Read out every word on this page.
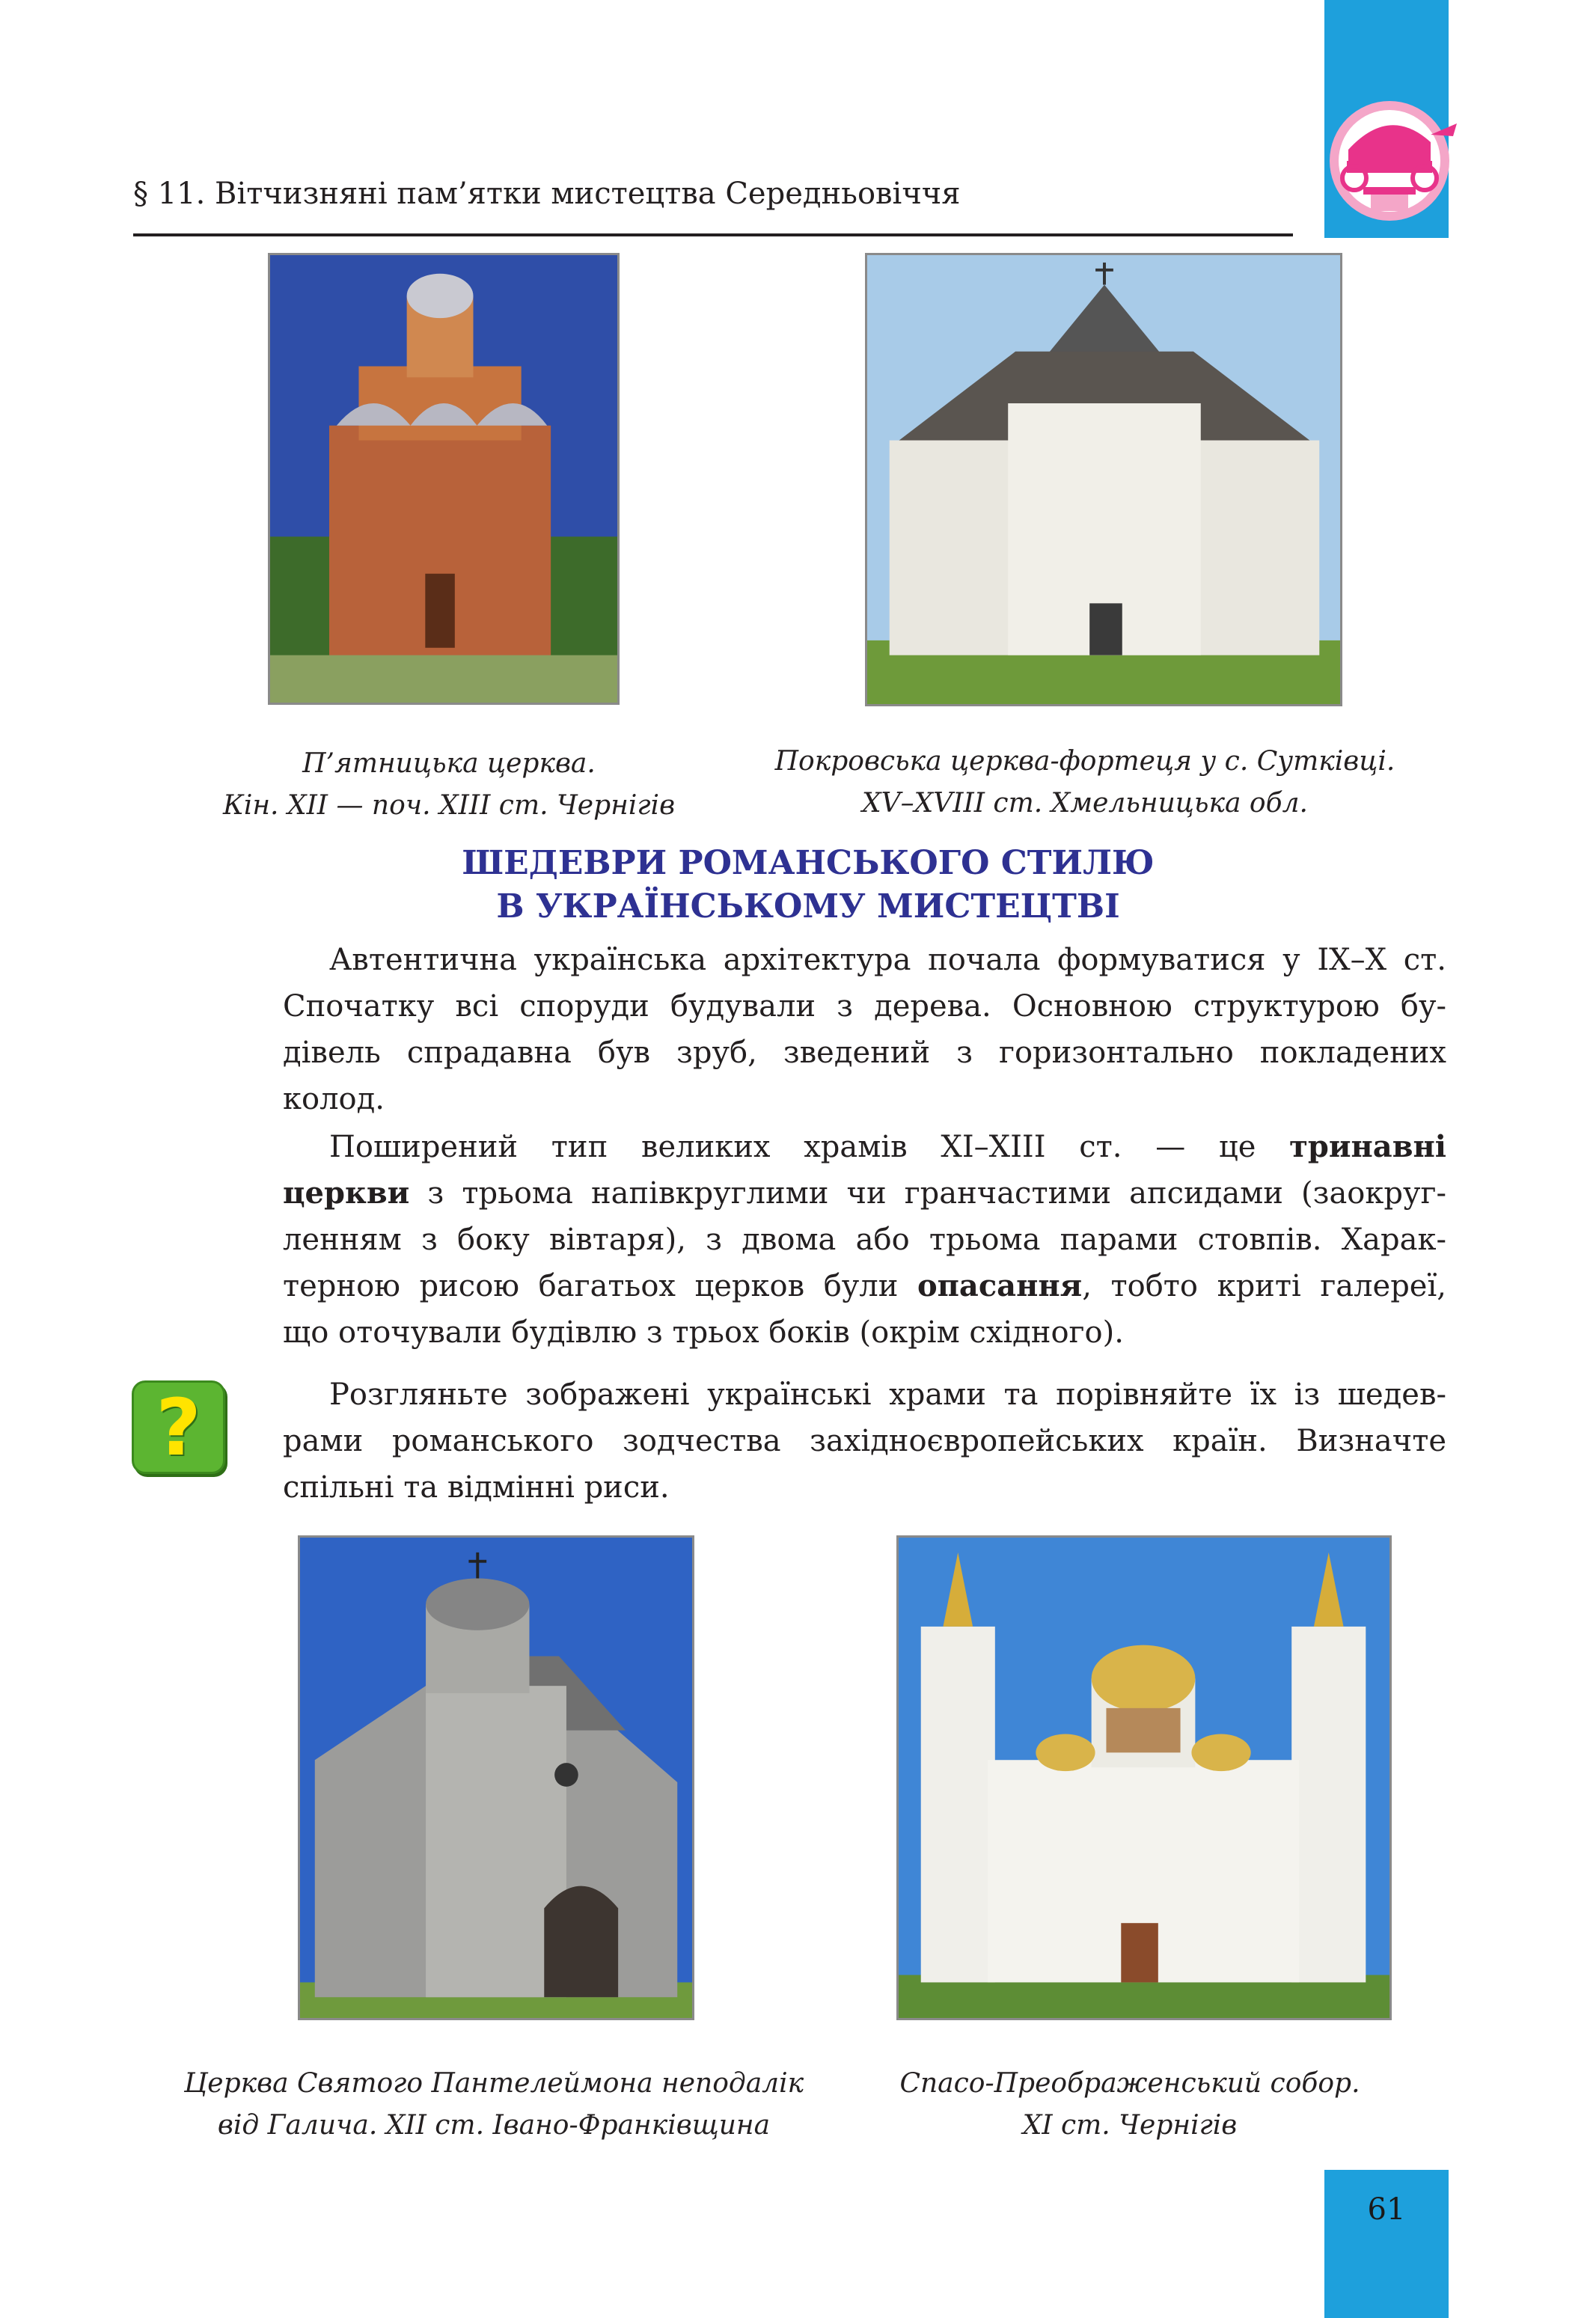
§ 11. Вітчизняні пам’ятки мистецтва Середньовіччя
П’ятницька церква.
Кін. XII — поч. XIII ст. Чернігів
Покровська церква-фортеця у с. Сутківці.
XV–XVIII ст. Хмельницька обл.
ШЕДЕВРИ РОМАНСЬКОГО СТИЛЮ
В УКРАЇНСЬКОМУ МИСТЕЦТВІ
Автентична українська архітектура почала формуватися у IX–X ст.
Спочатку всі споруди будували з дерева. Основною структурою бу-
дівель спрадавна був зруб, зведений з горизонтально покладених
колод.
Поширений тип великих храмів XI–XIII ст. — це тринавні
церкви з трьома напівкруглими чи гранчастими апсидами (заокруг-
ленням з боку вівтаря), з двома або трьома парами стовпів. Харак-
терною рисою багатьох церков були опасання, тобто криті галереї,
що оточували будівлю з трьох боків (окрім східного).
?	Розгляньте зображені українські храми та порівняйте їх із шедев-
рами романського зодчества західноєвропейських країн. Визначте
спільні та відмінні риси.
Церква Святого Пантелеймона неподалік
від Галича. XII ст. Івано-Франківщина
Спасо-Преображенський собор.
XI ст. Чернігів
61
